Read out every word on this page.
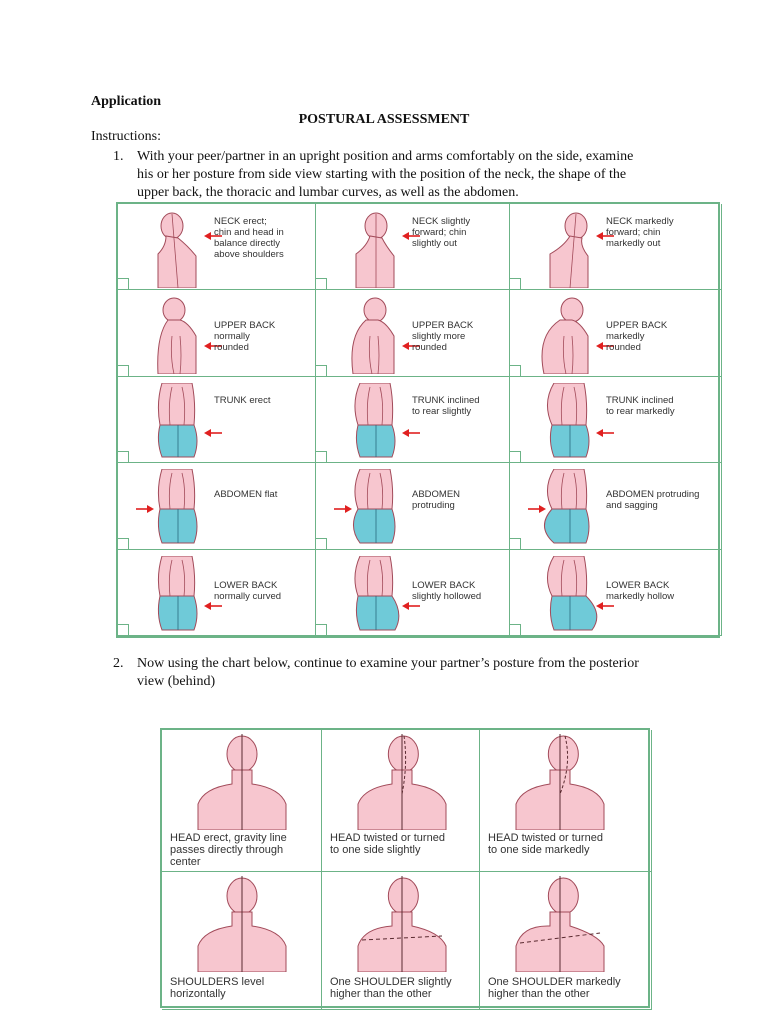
Application
POSTURAL ASSESSMENT
Instructions:
1. With your peer/partner in an upright position and arms comfortably on the side, examine
his or her posture from side view starting with the position of the neck, the shape of the
upper back, the thoracic and lumbar curves, as well as the abdomen.
NECK erect;
chin and head in
balance directly
above shoulders
NECK slightly
forward; chin
slightly out
NECK markedly
forward; chin
markedly out
UPPER BACK
normally
rounded
UPPER BACK
slightly more
rounded
UPPER BACK
markedly
rounded
TRUNK erect	TRUNK inclined
to rear slightly
TRUNK inclined
to rear markedly
ABDOMEN flat	ABDOMEN
protruding
ABDOMEN protruding
and sagging
LOWER BACK
normally curved
LOWER BACK
slightly hollowed
LOWER BACK
markedly hollow
2. Now using the chart below, continue to examine your partner’s posture from the posterior
view (behind)
HEAD erect, gravity line
passes directly through
center
HEAD twisted or turned
to one side slightly
HEAD twisted or turned
to one side markedly
SHOULDERS level
horizontally
One SHOULDER slightly
higher than the other
One SHOULDER markedly
higher than the other
